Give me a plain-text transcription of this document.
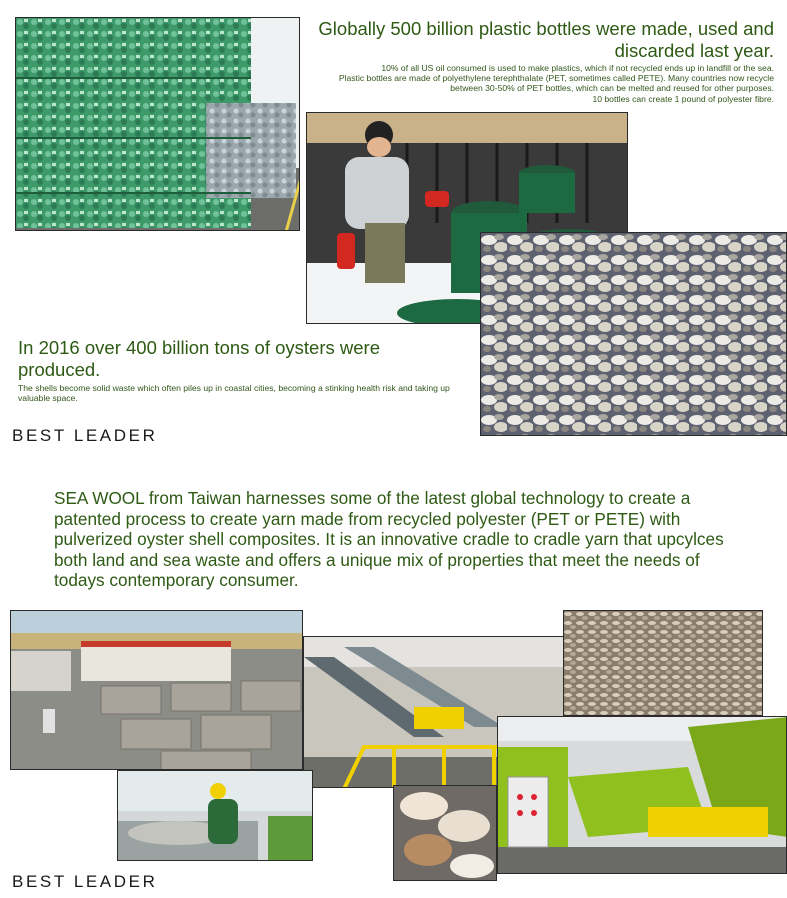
Globally 500 billion plastic bottles were made, used and discarded last year.
10% of all US oil consumed is used to make plastics, which if not recycled ends up in landfill or the sea.
Plastic bottles are made of polyethylene terephthalate (PET, sometimes called PETE). Many countries now recycle between 30-50% of PET bottles, which can be melted and reused for other purposes.
10 bottles can create 1 pound of polyester fibre.
In 2016 over 400 billion tons of oysters were produced.
The shells become solid waste which often piles up in coastal cities, becoming a stinking health risk and taking up valuable space.
BEST LEADER
SEA WOOL from Taiwan harnesses some of the latest global technology to create a patented process to create yarn made from recycled polyester (PET or PETE) with pulverized oyster shell composites. It is an innovative cradle to cradle yarn that upcylces both land and sea waste and offers a unique mix of properties that meet the needs of todays contemporary consumer.
BEST LEADER
